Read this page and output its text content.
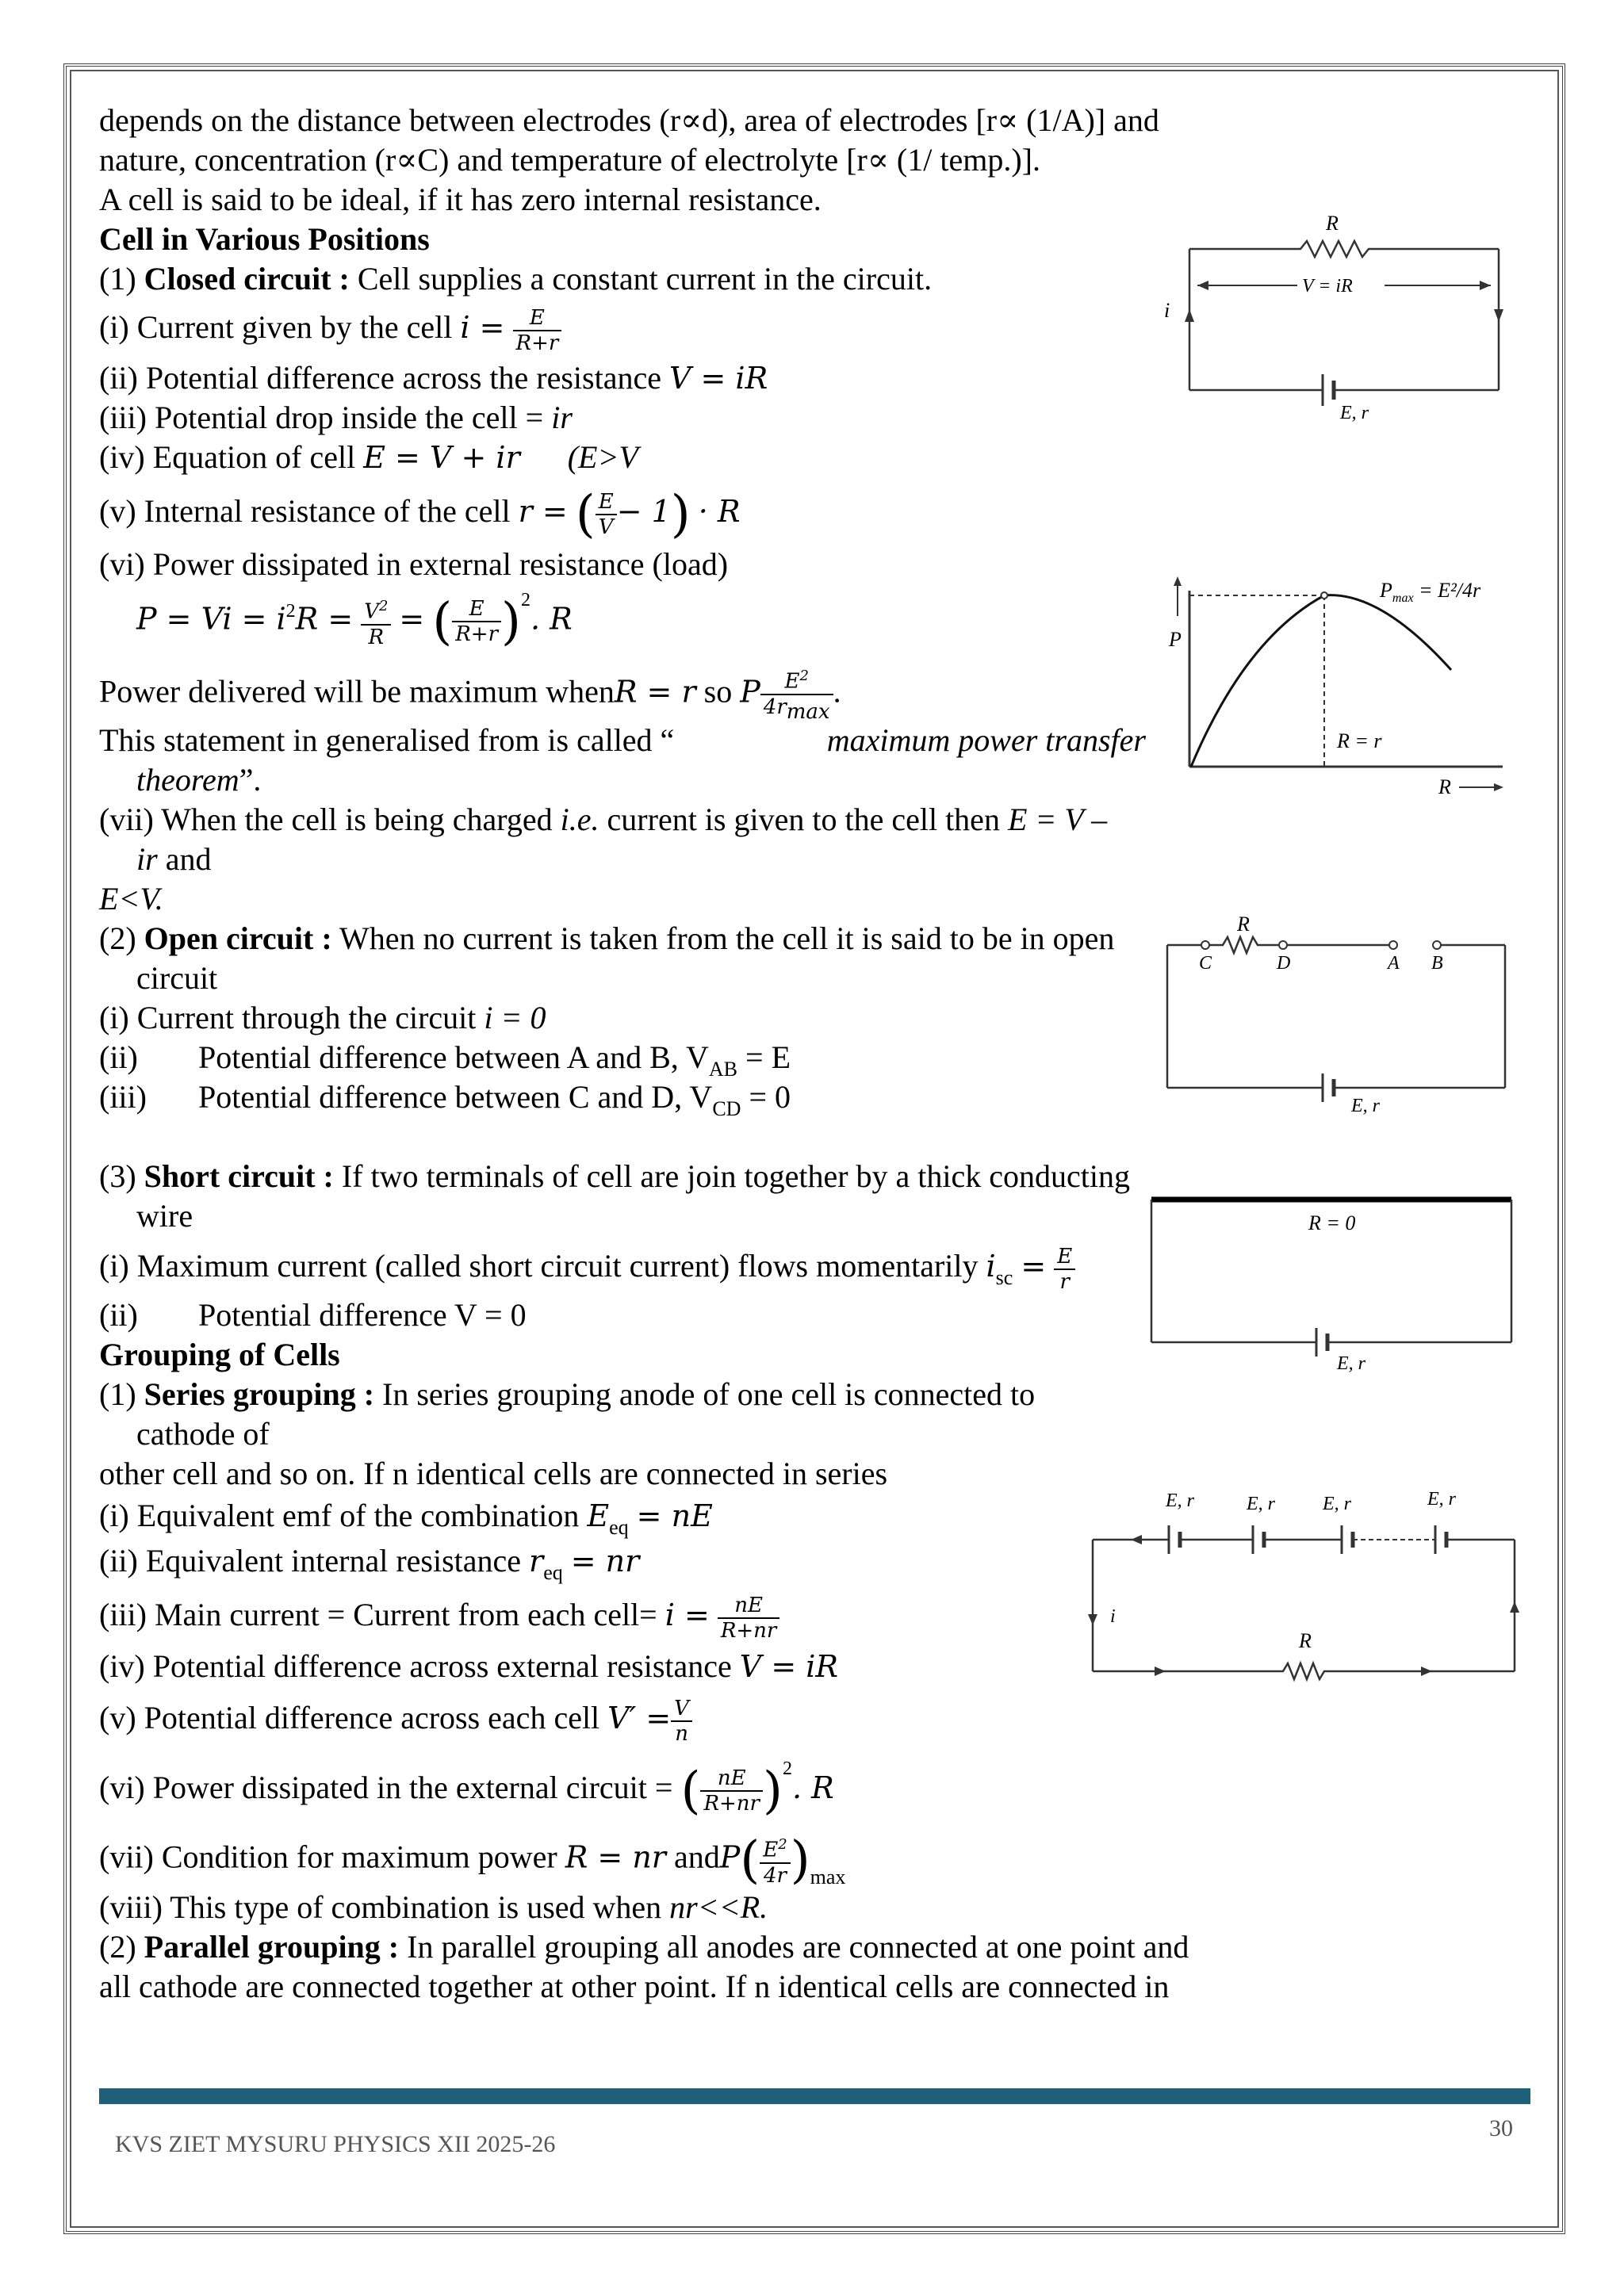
depends on the distance between electrodes (r∝d), area of electrodes [r∝ (1/A)] and
nature, concentration (r∝C) and temperature of electrolyte [r∝ (1/ temp.)].
A cell is said to be ideal, if it has zero internal resistance.
Cell in Various Positions
(1) Closed circuit : Cell supplies a constant current in the circuit.
(i) Current given by the cell $i = \frac{E}{R+r}$
(ii) Potential difference across the resistance V = iR
(iii) Potential drop inside the cell = ir
(iv) Equation of cell E = V + ir (E>V
(v) Internal resistance of the cell r = ( $\frac{E}{V} - 1) \cdot R$
(vi) Power dissipated in external resistance (load)
$P = Vi = i^2R = \frac{V^2}{R}$ = ( $\frac{E}{R+r} )^2$. R
Power delivered will be maximum whenR = r so P $\frac{E^2}{4r_{max}}$ .
This statement in generalised from is called “	maximum power transfer
theorem”.
(vii) When the cell is being charged i.e. current is given to the cell then E = V –
ir and
E<V.
(2) Open circuit : When no current is taken from the cell it is said to be in open
circuit
(i) Current through the circuit i = 0
(ii) Potential difference between A and B, $V_{AB} = E$
(iii) Potential difference between C and D, $V_{CD} = 0$
(3) Short circuit : If two terminals of cell are join together by a thick conducting
wire
(i) Maximum current (called short circuit current) flows momentarily $i_{sc} = \frac{E}{r}$
(ii) Potential difference V = 0
Grouping of Cells
(1) Series grouping : In series grouping anode of one cell is connected to
cathode of
other cell and so on. If n identical cells are connected in series
(i) Equivalent emf of the combination $E_{eq}$ = nE
(ii) Equivalent internal resistance $r_{eq}$ = nr
(iii) Main current = Current from each cell= $i = \frac{nE}{R+nr}$
(iv) Potential difference across external resistance V = iR
(v) Potential difference across each cell $V' = \frac{V}{n}$
(vi) Power dissipated in the external circuit = ( $\frac{nE}{R+nr} )^2$. R
(vii) Condition for maximum power R = nr andP( $\frac{E^2}{4r} )_{max}$
(viii) This type of combination is used when nr<<R.
(2) Parallel grouping : In parallel grouping all anodes are connected at one point and
all cathode are connected together at other point. If n identical cells are connected in
R
E, r
V = iR
i
$P_{max} = E^2/4r$
P
R = r
R
R
C	D	A B
E, r
R = 0
E, r
E, r	E, r	E, r	E, r
i
R
KVS ZIET MYSURU PHYSICS XII 2025-26
30
